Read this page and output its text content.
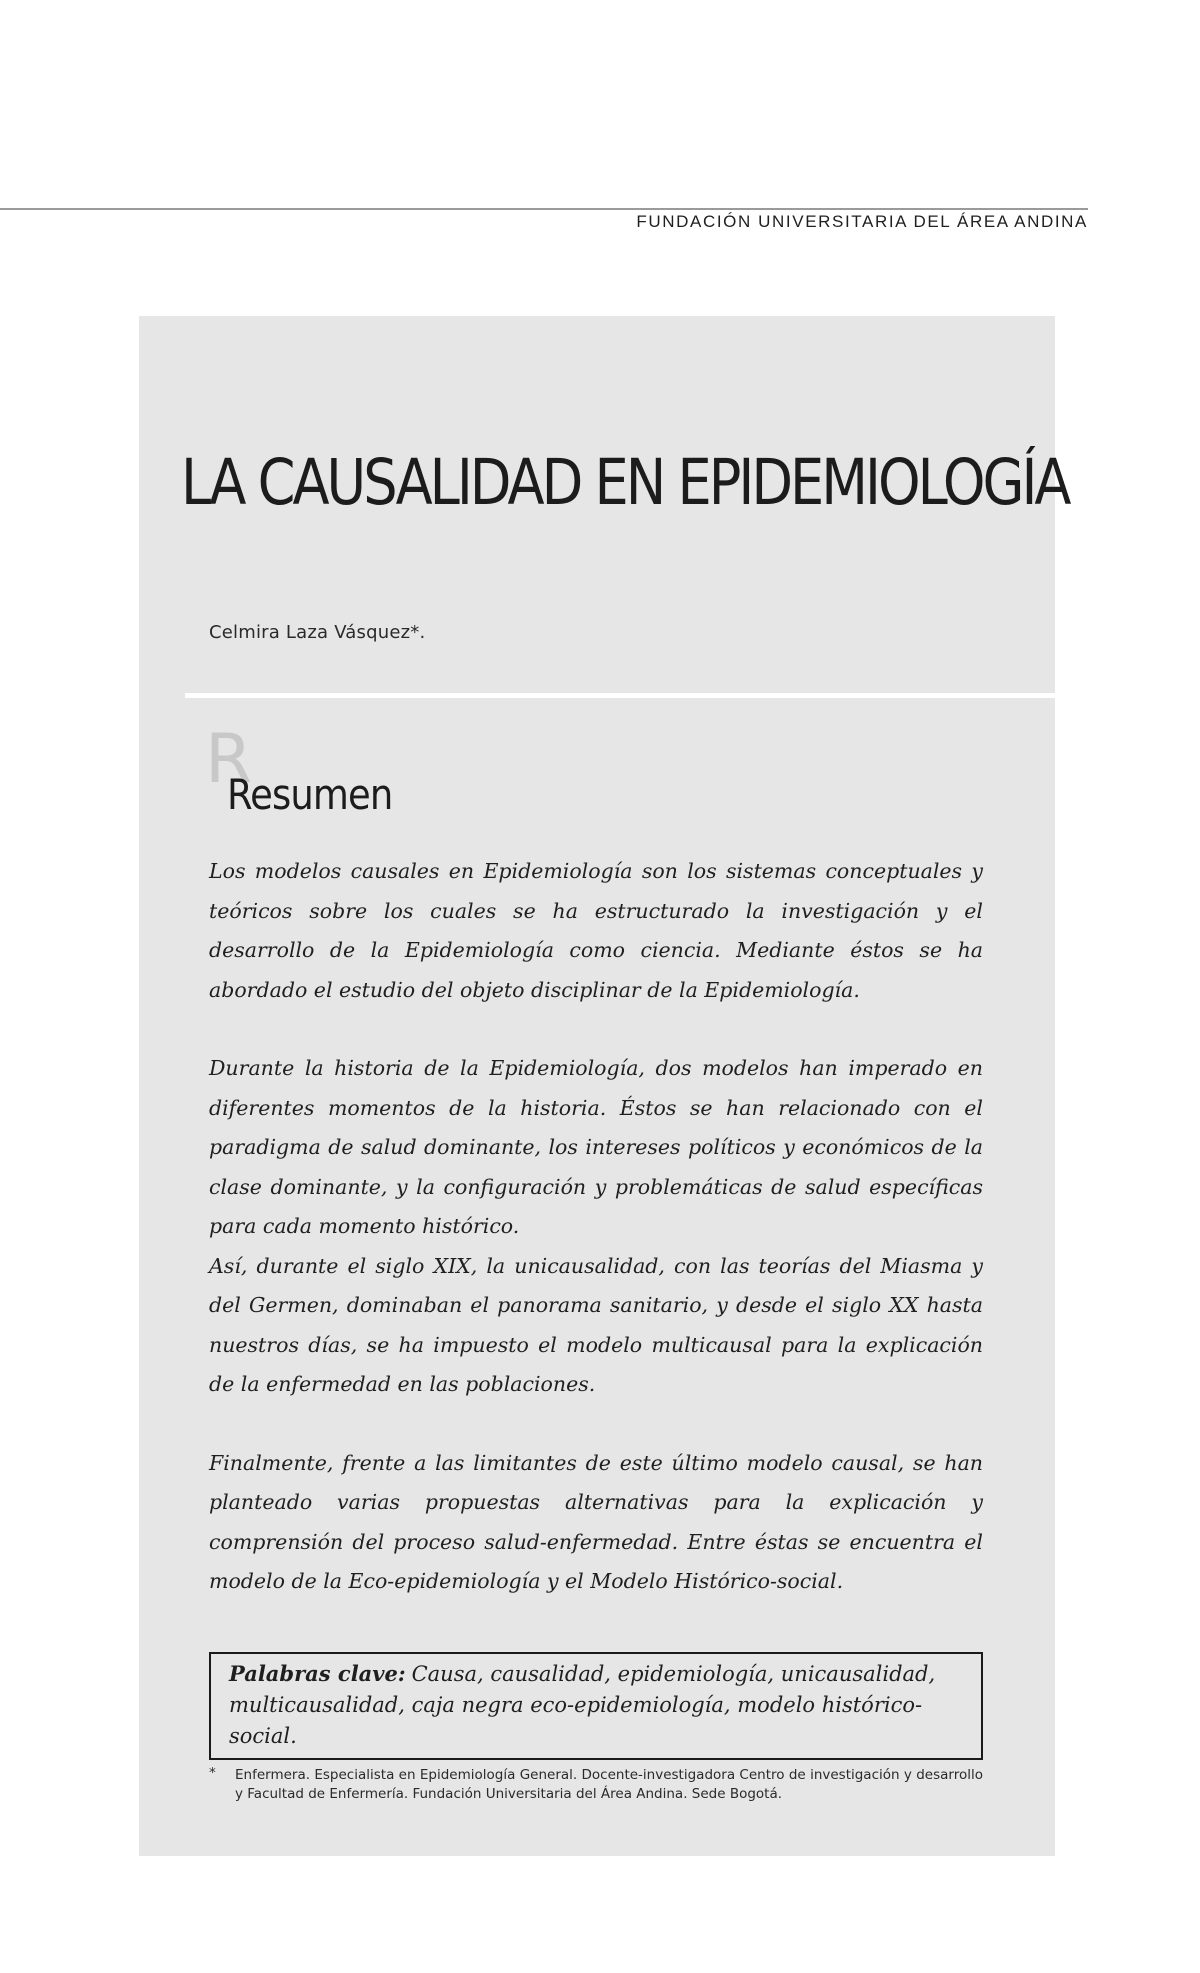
FUNDACIÓN UNIVERSITARIA DEL ÁREA ANDINA
LA CAUSALIDAD EN EPIDEMIOLOGÍA
Celmira Laza Vásquez*.
R
Resumen

Los modelos causales en Epidemiología son los sistemas conceptuales y teóricos sobre los cuales se ha estructurado la investigación y el desarrollo de la Epidemiología como ciencia. Mediante éstos se ha abordado el estudio del objeto disciplinar de la Epidemiología.

Durante la historia de la Epidemiología, dos modelos han imperado en diferentes momentos de la historia. Éstos se han relacionado con el paradigma de salud dominante, los intereses políticos y económicos de la clase dominante, y la configuración y problemáticas de salud específicas para cada momento histórico.

Así, durante el siglo XIX, la unicausalidad, con las teorías del Miasma y del Germen, dominaban el panorama sanitario, y desde el siglo XX hasta nuestros días, se ha impuesto el modelo multicausal para la explicación de la enfermedad en las poblaciones.

Finalmente, frente a las limitantes de este último modelo causal, se han planteado varias propuestas alternativas para la explicación y comprensión del proceso salud-enfermedad. Entre éstas se encuentra el modelo de la Eco-epidemiología y el Modelo Histórico-social.

Palabras clave: Causa, causalidad, epidemiología, unicausalidad, multicausalidad, caja negra eco-epidemiología, modelo histórico-social.
* Enfermera. Especialista en Epidemiología General. Docente-investigadora Centro de investigación y desarrollo y Facultad de Enfermería. Fundación Universitaria del Área Andina. Sede Bogotá.
